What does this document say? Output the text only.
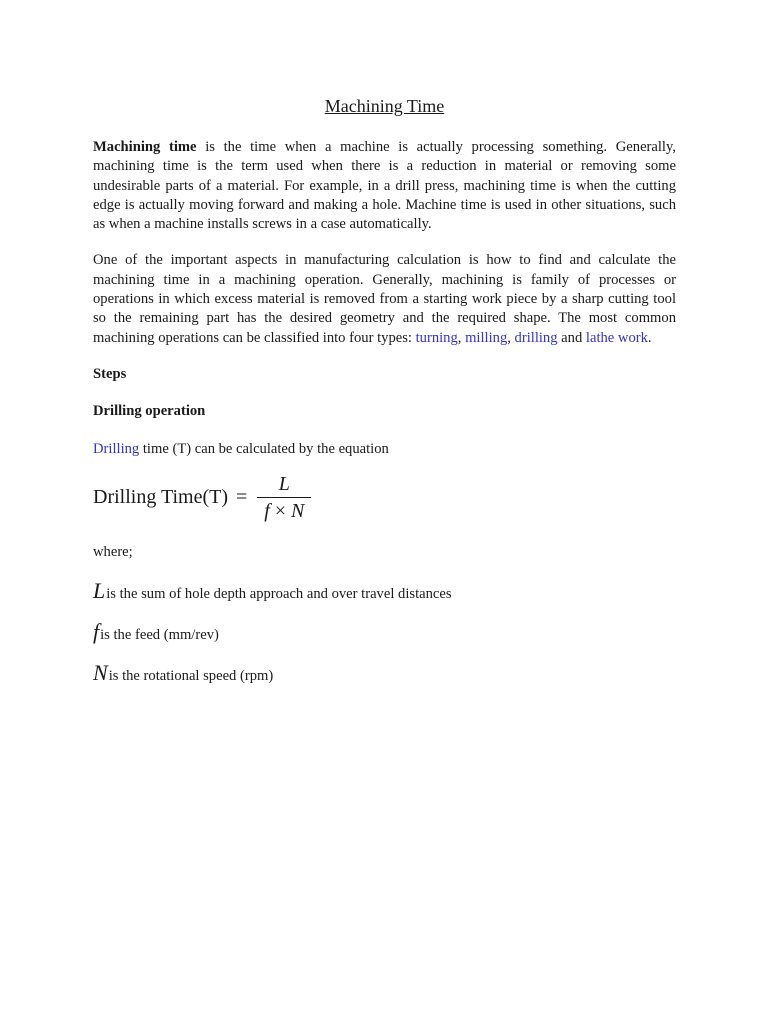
Machining Time

Machining time is the time when a machine is actually processing something. Generally, machining time is the term used when there is a reduction in material or removing some undesirable parts of a material. For example, in a drill press, machining time is when the cutting edge is actually moving forward and making a hole. Machine time is used in other situations, such as when a machine installs screws in a case automatically.

One of the important aspects in manufacturing calculation is how to find and calculate the machining time in a machining operation. Generally, machining is family of processes or operations in which excess material is removed from a starting work piece by a sharp cutting tool so the remaining part has the desired geometry and the required shape. The most common machining operations can be classified into four types: turning, milling, drilling and lathe work.

Steps
Drilling operation

Drilling time (T) can be calculated by the equation

Drilling Time(T) = $\frac{L}{f \times N}$

where;

L is the sum of hole depth approach and over travel distances
f is the feed (mm/rev)
N is the rotational speed (rpm)
